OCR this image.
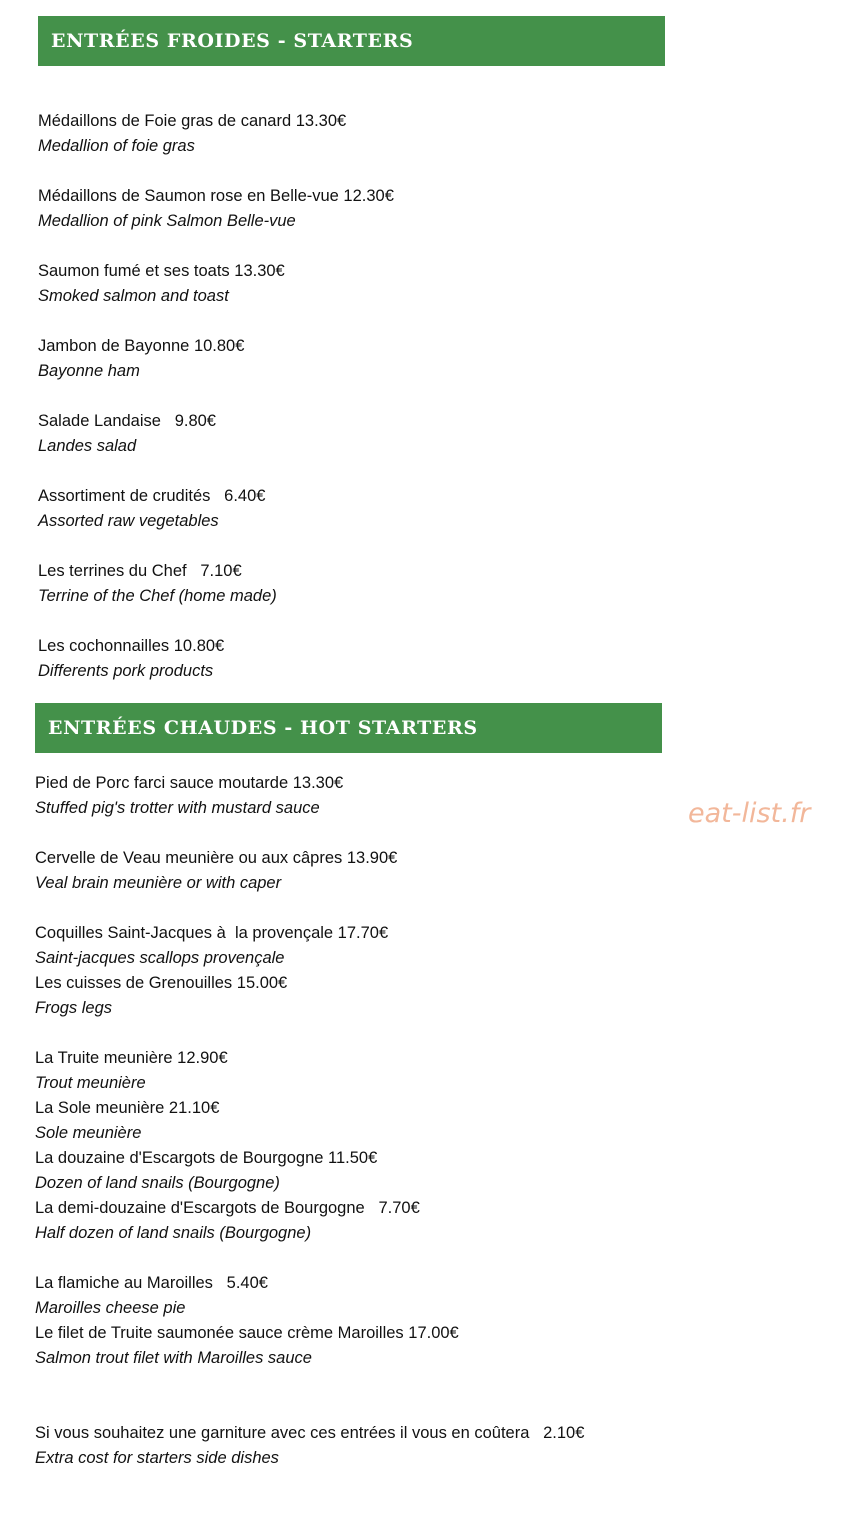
ENTRÉES FROIDES - STARTERS
Médaillons de Foie gras de canard 13.30€
Medallion of foie gras
Médaillons de Saumon rose en Belle-vue 12.30€
Medallion of pink Salmon Belle-vue
Saumon fumé et ses toats 13.30€
Smoked salmon and toast
Jambon de Bayonne 10.80€
Bayonne ham
Salade Landaise   9.80€
Landes salad
Assortiment de crudités   6.40€
Assorted raw vegetables
Les terrines du Chef   7.10€
Terrine of the Chef (home made)
Les cochonnailles 10.80€
Differents pork products
ENTRÉES CHAUDES - HOT STARTERS
Pied de Porc farci sauce moutarde 13.30€
Stuffed pig's trotter with mustard sauce
Cervelle de Veau meunière ou aux câpres 13.90€
Veal brain meunière or with caper
Coquilles Saint-Jacques à  la provençale 17.70€
Saint-jacques scallops provençale
Les cuisses de Grenouilles 15.00€
Frogs legs
La Truite meunière 12.90€
Trout meunière
La Sole meunière 21.10€
Sole meunière
La douzaine d'Escargots de Bourgogne 11.50€
Dozen of land snails (Bourgogne)
La demi-douzaine d'Escargots de Bourgogne   7.70€
Half dozen of land snails (Bourgogne)
La flamiche au Maroilles   5.40€
Maroilles cheese pie
Le filet de Truite saumonée sauce crème Maroilles 17.00€
Salmon trout filet with Maroilles sauce
Si vous souhaitez une garniture avec ces entrées il vous en coûtera   2.10€
Extra cost for starters side dishes
eat-list.fr
